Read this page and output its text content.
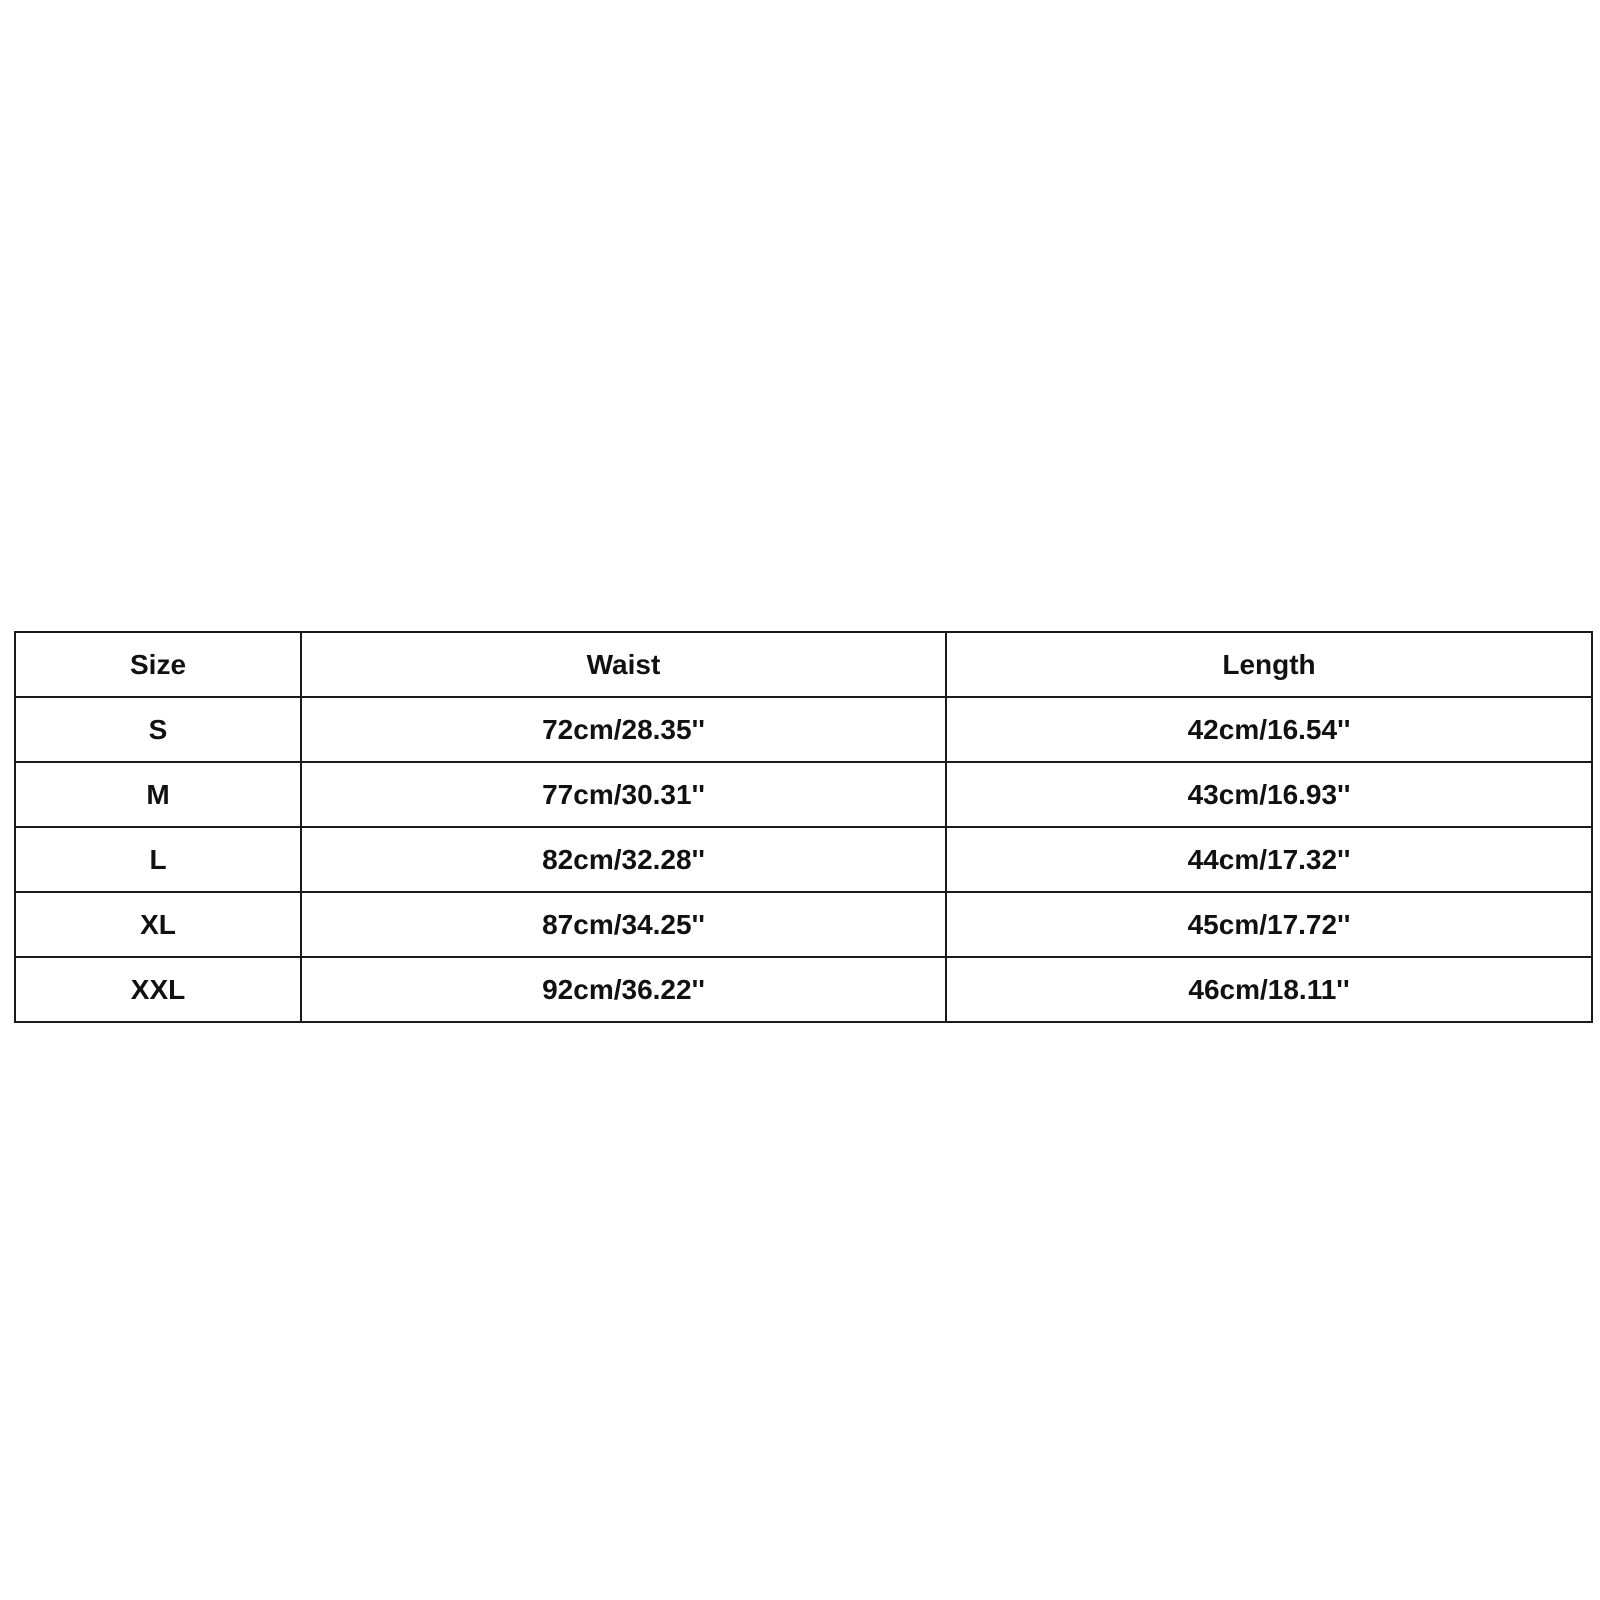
Size	Waist	Length
S	72cm/28.35''	42cm/16.54''
M	77cm/30.31''	43cm/16.93''
L	82cm/32.28''	44cm/17.32''
XL	87cm/34.25''	45cm/17.72''
XXL	92cm/36.22''	46cm/18.11''
